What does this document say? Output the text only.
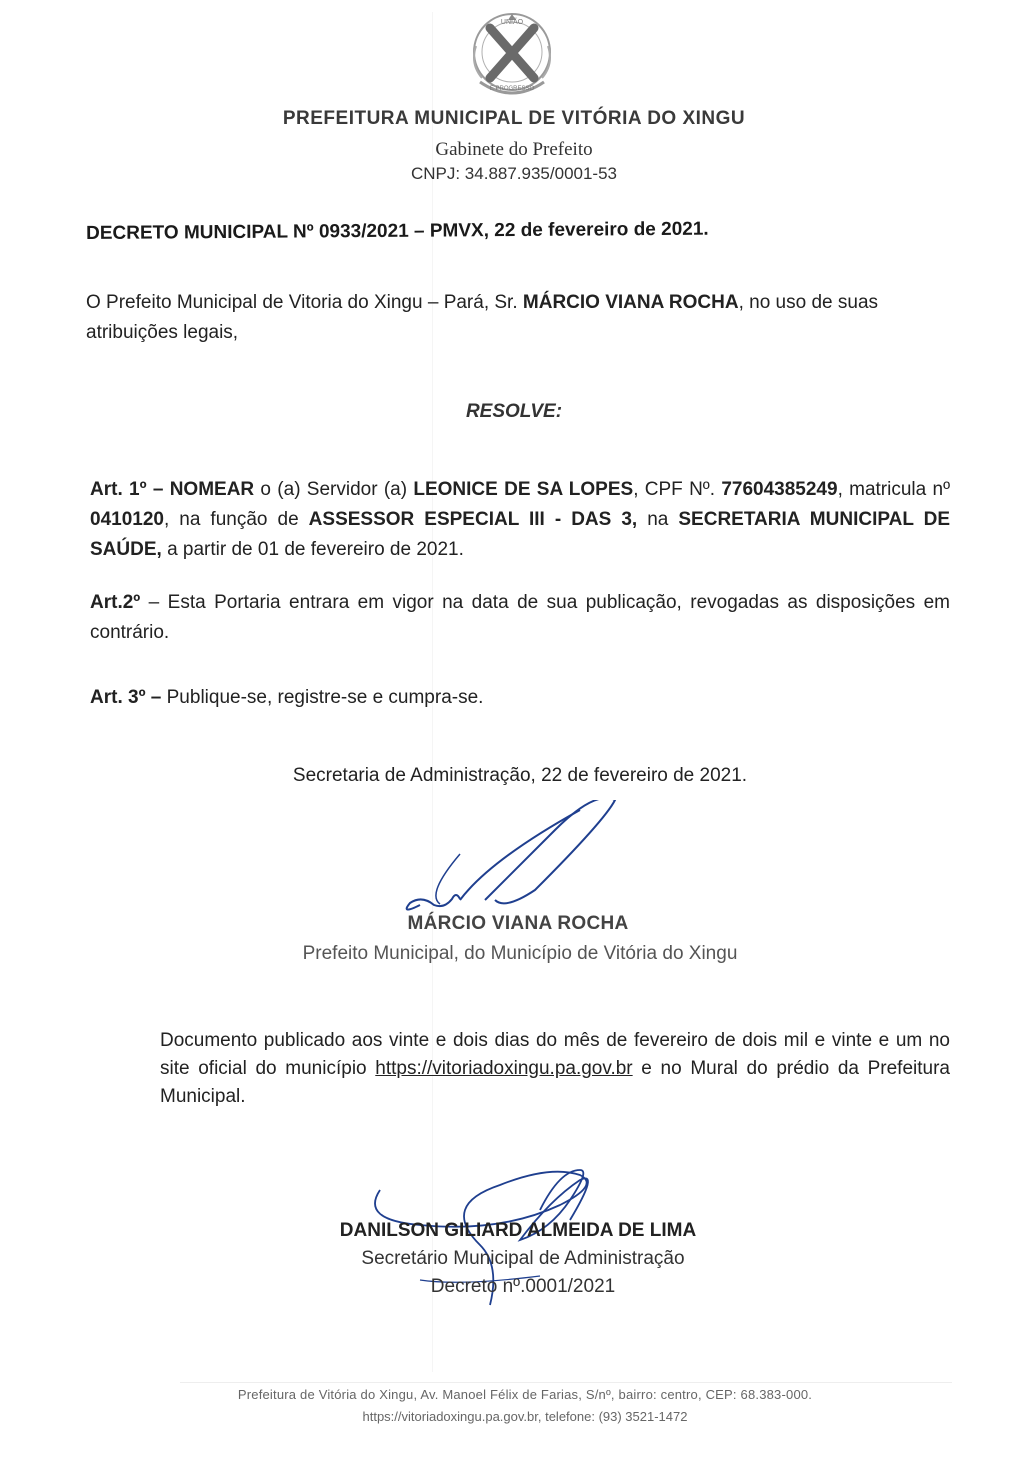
UNIÃO
E PROGRESSO
PREFEITURA MUNICIPAL DE VITÓRIA DO XINGU
Gabinete do Prefeito
CNPJ: 34.887.935/0001-53
DECRETO MUNICIPAL Nº 0933/2021 – PMVX, 22 de fevereiro de 2021.
O Prefeito Municipal de Vitoria do Xingu – Pará, Sr. MÁRCIO VIANA ROCHA, no uso de suas atribuições legais,
RESOLVE:
Art. 1º – NOMEAR o (a) Servidor (a) LEONICE DE SA LOPES, CPF Nº. 77604385249, matricula nº 0410120, na função de ASSESSOR ESPECIAL III - DAS 3, na SECRETARIA MUNICIPAL DE SAÚDE, a partir de 01 de fevereiro de 2021.
Art.2º – Esta Portaria entrara em vigor na data de sua publicação, revogadas as disposições em contrário.
Art. 3º – Publique-se, registre-se e cumpra-se.
Secretaria de Administração, 22 de fevereiro de 2021.
MÁRCIO VIANA ROCHA
Prefeito Municipal, do Município de Vitória do Xingu
Documento publicado aos vinte e dois dias do mês de fevereiro de dois mil e vinte e um no site oficial do município https://vitoriadoxingu.pa.gov.br e no Mural do prédio da Prefeitura Municipal.
DANILSON GILIARD ALMEIDA DE LIMA
Secretário Municipal de Administração
Decreto nº.0001/2021
Prefeitura de Vitória do Xingu, Av. Manoel Félix de Farias, S/nº, bairro: centro, CEP: 68.383-000.
https://vitoriadoxingu.pa.gov.br, telefone: (93) 3521-1472
